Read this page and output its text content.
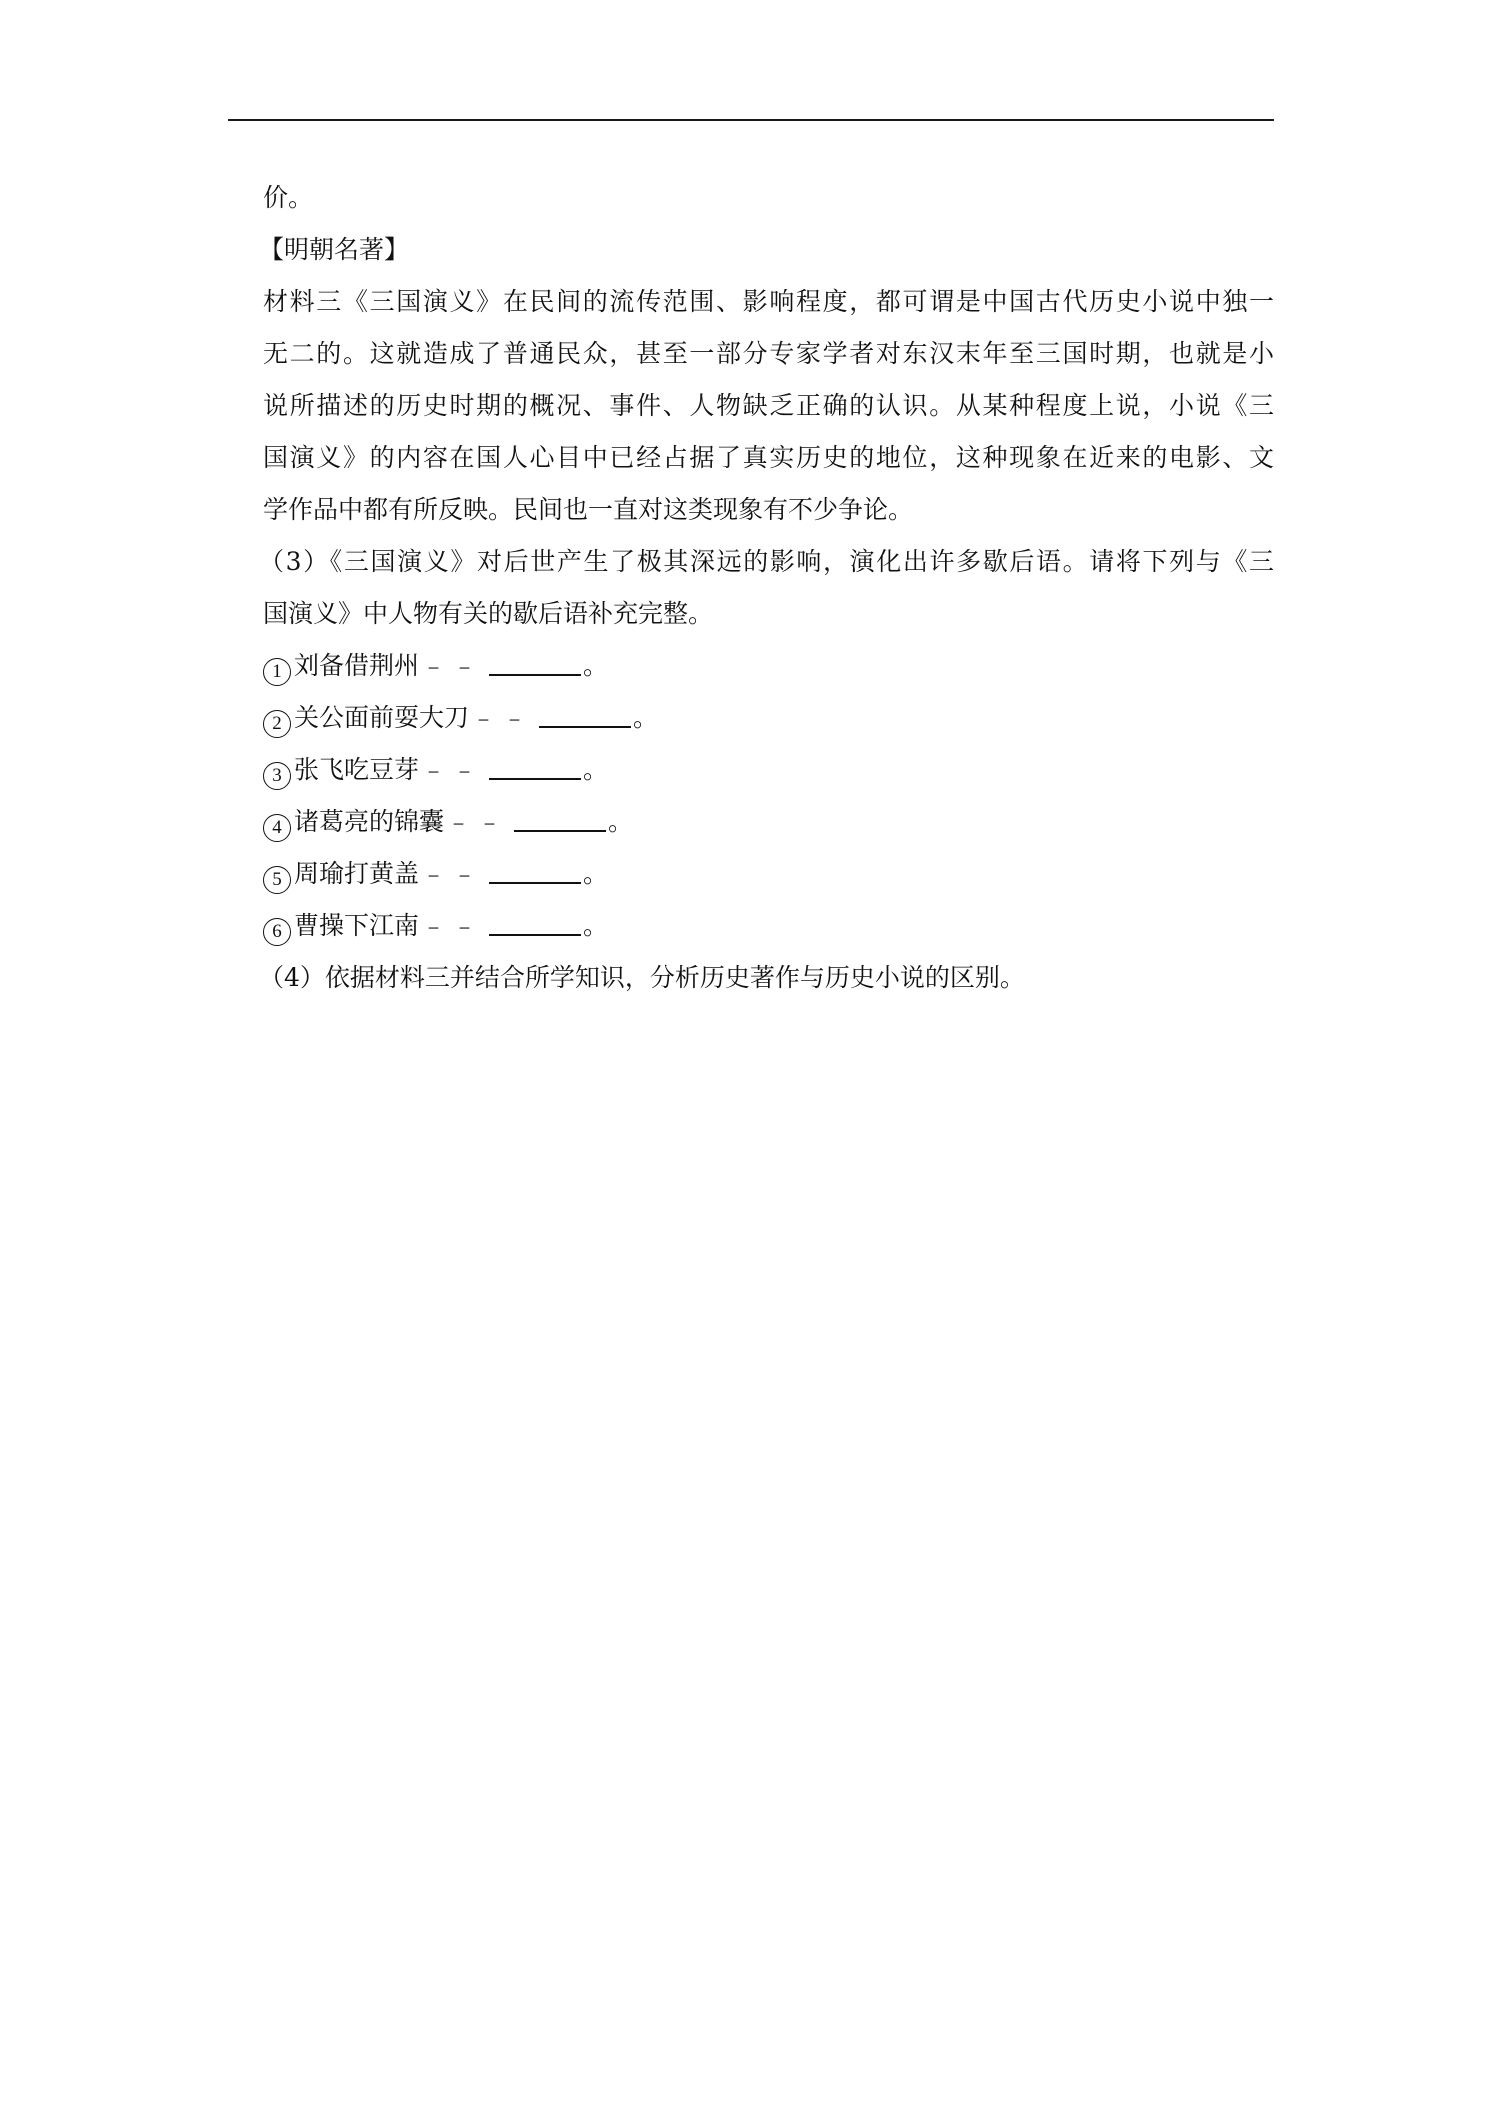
价。
【明朝名著】
材料三《三国演义》在民间的流传范围、影响程度，都可谓是中国古代历史小说中独一
无二的。这就造成了普通民众，甚至一部分专家学者对东汉末年至三国时期，也就是小
说所描述的历史时期的概况、事件、人物缺乏正确的认识。从某种程度上说，小说《三
国演义》的内容在国人心目中已经占据了真实历史的地位，这种现象在近来的电影、文
学作品中都有所反映。民间也一直对这类现象有不少争论。
（3）《三国演义》对后世产生了极其深远的影响，演化出许多歇后语。请将下列与《三
国演义》中人物有关的歇后语补充完整。
1 刘备借荆州 ﹣﹣	。
2 关公面前耍大刀 ﹣﹣	。
3 张飞吃豆芽 ﹣﹣	。
4 诸葛亮的锦囊 ﹣﹣	。
5 周瑜打黄盖 ﹣﹣	。
6 曹操下江南 ﹣﹣	。
（4）依据材料三并结合所学知识，分析历史著作与历史小说的区别。
